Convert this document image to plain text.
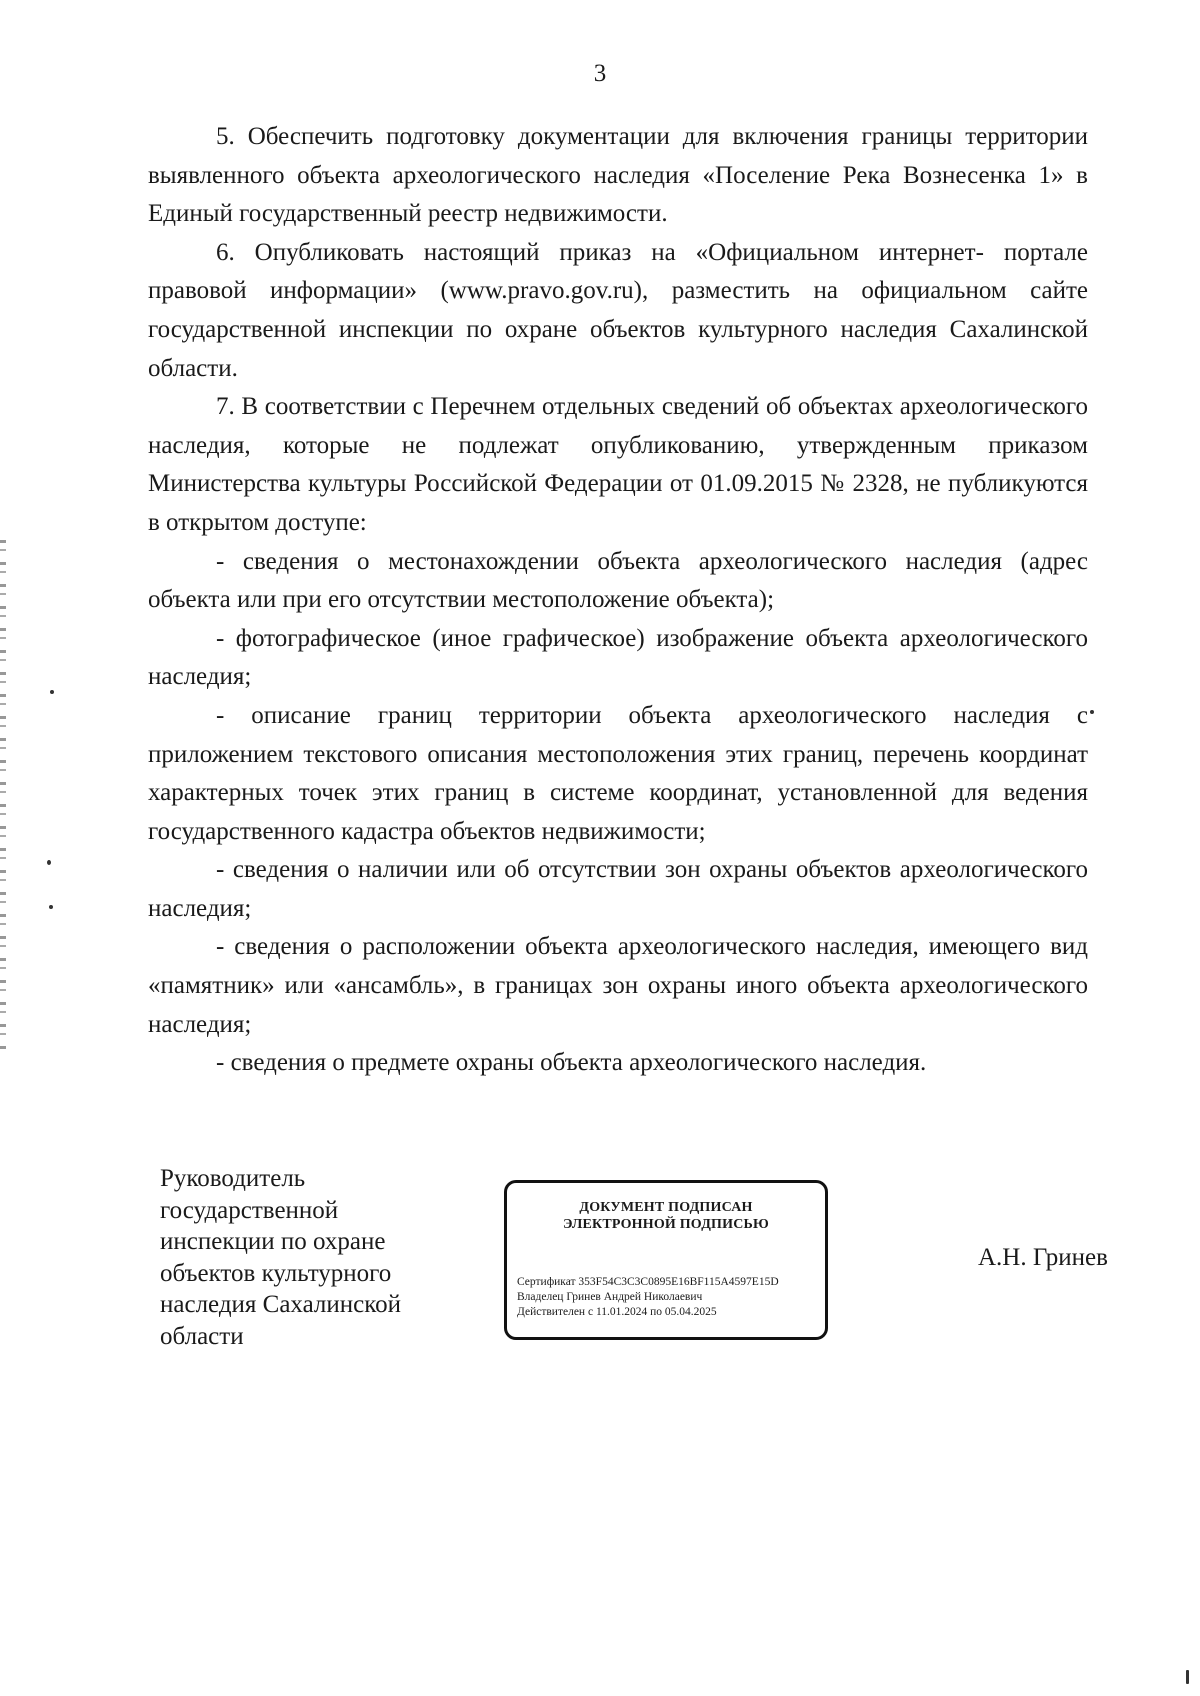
3

5. Обеспечить подготовку документации для включения границы территории выявленного объекта археологического наследия «Поселение Река Вознесенка 1» в Единый государственный реестр недвижимости.

6. Опубликовать настоящий приказ на «Официальном интернет- портале правовой информации» (www.pravo.gov.ru), разместить на официальном сайте государственной инспекции по охране объектов культурного наследия Сахалинской области.

7. В соответствии с Перечнем отдельных сведений об объектах археологического наследия, которые не подлежат опубликованию, утвержденным приказом Министерства культуры Российской Федерации от 01.09.2015 № 2328, не публикуются в открытом доступе:

- сведения о местонахождении объекта археологического наследия (адрес объекта или при его отсутствии местоположение объекта);

- фотографическое (иное графическое) изображение объекта археологического наследия;

- описание границ территории объекта археологического наследия с приложением текстового описания местоположения этих границ, перечень координат характерных точек этих границ в системе координат, установленной для ведения государственного кадастра объектов недвижимости;

- сведения о наличии или об отсутствии зон охраны объектов археологического наследия;

- сведения о расположении объекта археологического наследия, имеющего вид «памятник» или «ансамбль», в границах зон охраны иного объекта археологического наследия;

- сведения о предмете охраны объекта археологического наследия.

Руководитель
государственной
инспекции по охране
объектов культурного
наследия Сахалинской
области
ДОКУМЕНТ ПОДПИСАН
ЭЛЕКТРОННОЙ ПОДПИСЬЮ
Сертификат 353F54C3C3C0895E16BF115A4597E15D
Владелец Гринев Андрей Николаевич
Действителен с 11.01.2024 по 05.04.2025

А.Н. Гринев
